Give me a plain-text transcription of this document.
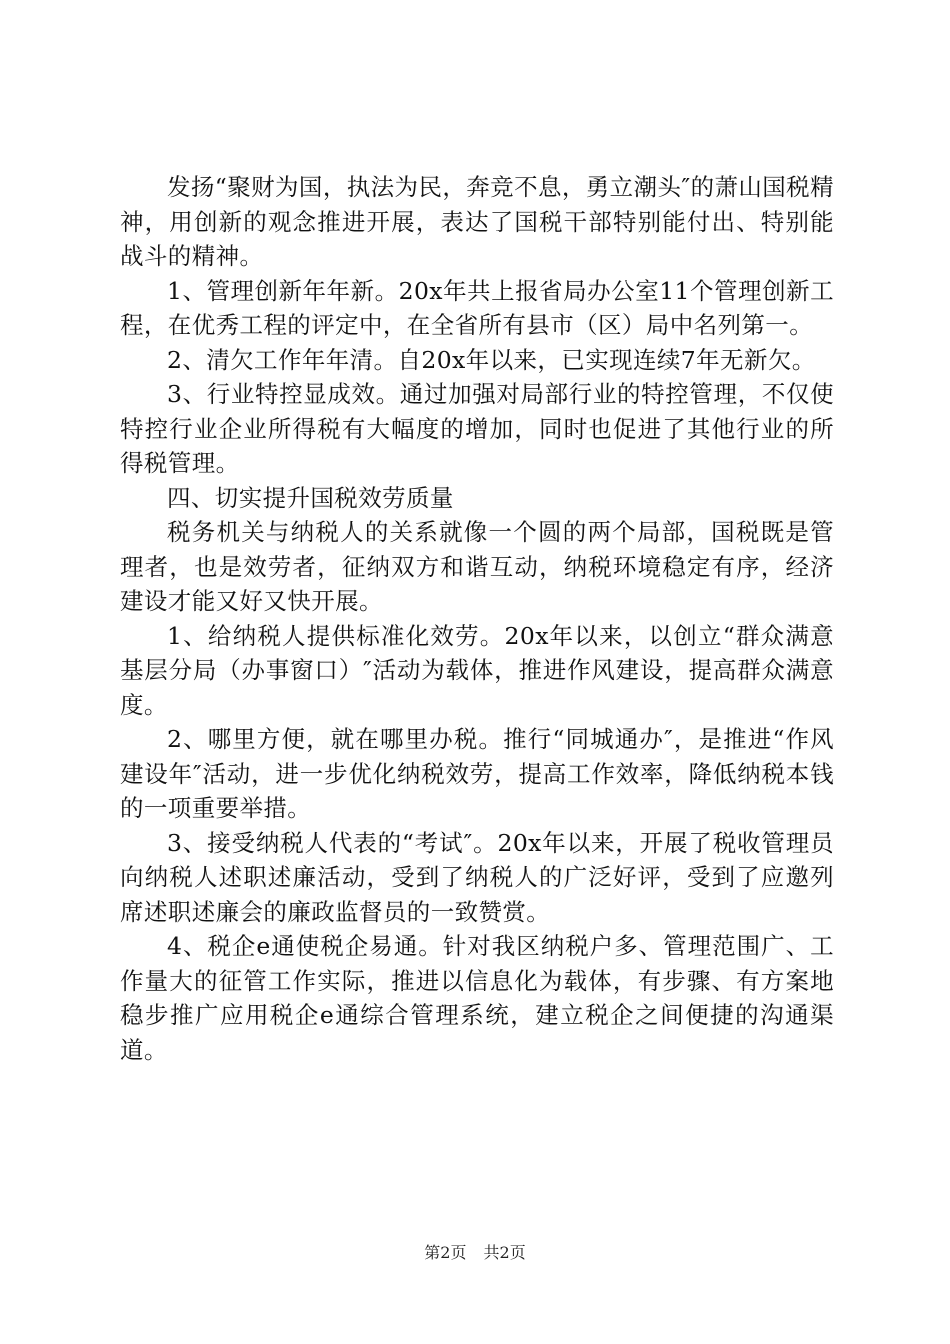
发扬“聚财为国，执法为民，奔竞不息，勇立潮头″的萧山国税精神，用创新的观念推进开展，表达了国税干部特别能付出、特别能战斗的精神。

1、管理创新年年新。20x年共上报省局办公室11个管理创新工程，在优秀工程的评定中，在全省所有县市（区）局中名列第一。

2、清欠工作年年清。自20x年以来，已实现连续7年无新欠。

3、行业特控显成效。通过加强对局部行业的特控管理，不仅使特控行业企业所得税有大幅度的增加，同时也促进了其他行业的所得税管理。

四、切实提升国税效劳质量

税务机关与纳税人的关系就像一个圆的两个局部，国税既是管理者，也是效劳者，征纳双方和谐互动，纳税环境稳定有序，经济建设才能又好又快开展。

1、给纳税人提供标准化效劳。20x年以来，以创立“群众满意基层分局（办事窗口）″活动为载体，推进作风建设，提高群众满意度。

2、哪里方便，就在哪里办税。推行“同城通办″，是推进“作风建设年″活动，进一步优化纳税效劳，提高工作效率，降低纳税本钱的一项重要举措。

3、接受纳税人代表的“考试″。20x年以来，开展了税收管理员向纳税人述职述廉活动，受到了纳税人的广泛好评，受到了应邀列席述职述廉会的廉政监督员的一致赞赏。

4、税企e通使税企易通。针对我区纳税户多、管理范围广、工作量大的征管工作实际，推进以信息化为载体，有步骤、有方案地稳步推广应用税企e通综合管理系统，建立税企之间便捷的沟通渠道。

第2页 共2页
